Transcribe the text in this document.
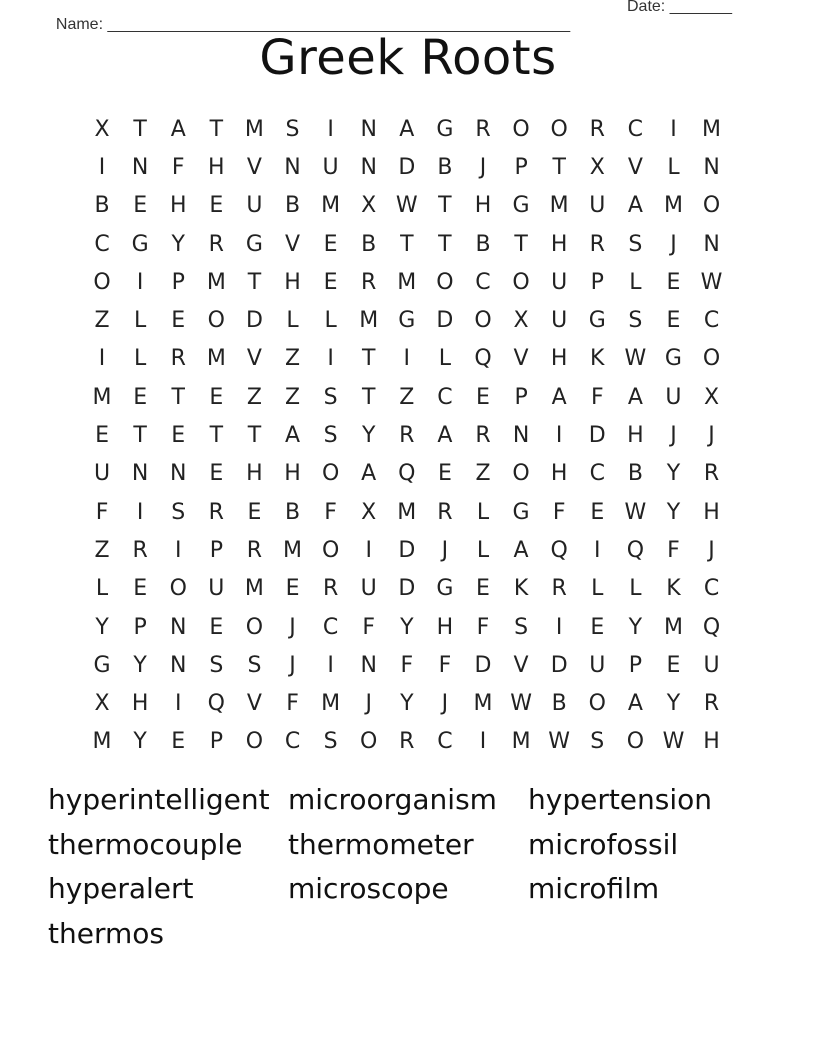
Name: ____________________________________________________

Date: _______

Greek Roots
X	T	A	T M S	I	N	A	G R O O R	C	I	M
I	N	F	H	V	N U N D	B	J	P	T	X	V	L	N
B	E	H	E	U	B M X W T	H G M U	A M O
C G	Y	R G	V	E	B	T	T	B	T	H	R	S	J	N
O	I	P M T	H	E	R M O C O U	P	L	E W
Z	L	E	O D	L	L	M G D O X	U G	S	E	C
I	L	R M V	Z	I	T	I	L	Q V	H	K W G O
M E	T	E	Z	Z	S	T	Z	C	E	P	A	F	A	U	X
E	T	E	T	T	A	S	Y	R	A	R	N	I	D H	J	J
U N N	E	H H O A Q	E	Z O H	C	B	Y	R
F	I	S	R	E	B	F	X M R	L	G	F	E W Y	H
Z	R	I	P	R M O	I	D	J	L	A Q	I	Q	F	J
L	E	O U M E	R	U D G	E	K	R	L	L	K	C
Y	P	N	E	O	J	C	F	Y	H	F	S	I	E	Y M Q
G	Y	N	S	S	J	I	N	F	F	D	V	D U	P	E	U
X	H	I	Q V	F	M	J	Y	J	M W B O A	Y	R
M Y	E	P	O C	S	O R	C	I	M W S	O W H
hyperintelligent microorganism	hypertension
thermocouple	thermometer	microfossil
hyperalert	microscope	microfilm
thermos
